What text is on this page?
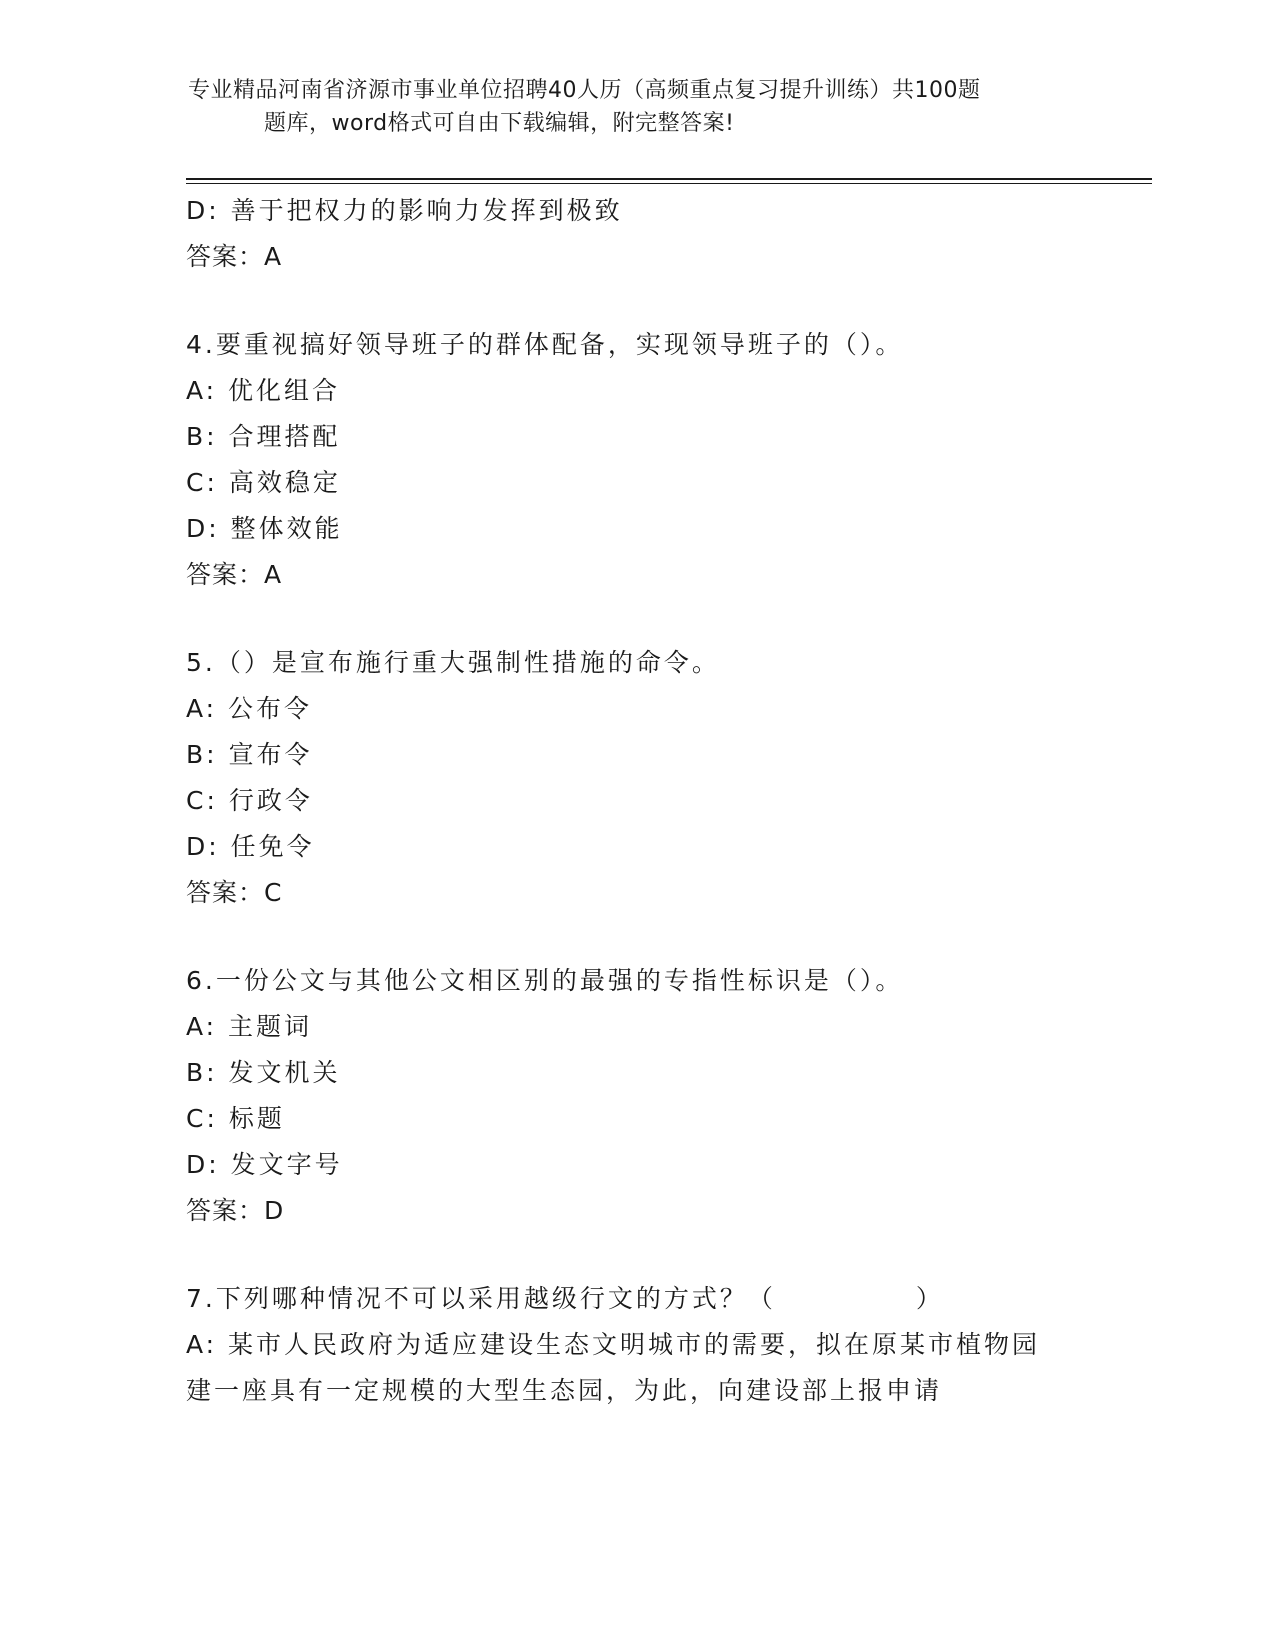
专业精品河南省济源市事业单位招聘40人历（高频重点复习提升训练）共100题
题库，word格式可自由下载编辑，附完整答案!
D: 善于把权力的影响力发挥到极致
答案：A
4.要重视搞好领导班子的群体配备，实现领导班子的（）。
A: 优化组合
B: 合理搭配
C: 高效稳定
D: 整体效能
答案：A
5.（）是宣布施行重大强制性措施的命令。
A: 公布令
B: 宣布令
C: 行政令
D: 任免令
答案：C
6.一份公文与其他公文相区别的最强的专指性标识是（）。
A: 主题词
B: 发文机关
C: 标题
D: 发文字号
答案：D
7.下列哪种情况不可以采用越级行文的方式？（　　　　　）
A: 某市人民政府为适应建设生态文明城市的需要，拟在原某市植物园
建一座具有一定规模的大型生态园，为此，向建设部上报申请
